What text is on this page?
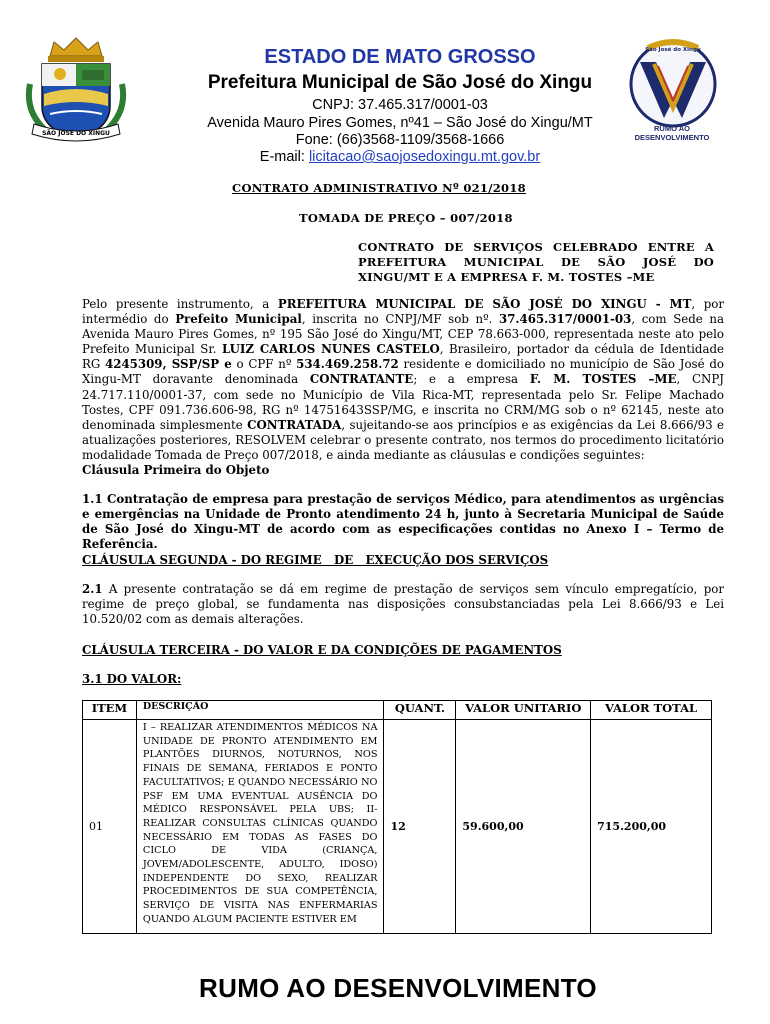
SÃO JOSÉ DO XINGU
ESTADO DE MATO GROSSO
Prefeitura Municipal de São José do Xingu
CNPJ: 37.465.317/0001-03
Avenida Mauro Pires Gomes, nº41 – São José do Xingu/MT
Fone: (66)3568-1109/3568-1666
E-mail: licitacao@saojosedoxingu.mt.gov.br
São José do Xingu
RUMO AO DESENVOLVIMENTO
CONTRATO ADMINISTRATIVO Nº 021/2018
TOMADA DE PREÇO – 007/2018
CONTRATO DE SERVIÇOS CELEBRADO ENTRE A PREFEITURA MUNICIPAL DE SÃO JOSÉ DO XINGU/MT E A EMPRESA F. M. TOSTES –ME
Pelo presente instrumento, a PREFEITURA MUNICIPAL DE SÃO JOSÉ DO XINGU - MT, por intermédio do Prefeito Municipal, inscrita no CNPJ/MF sob nº. 37.465.317/0001-03, com Sede na Avenida Mauro Pires Gomes, nº 195 São José do Xingu/MT, CEP 78.663-000, representada neste ato pelo Prefeito Municipal Sr. LUIZ CARLOS NUNES CASTELO, Brasileiro, portador da cédula de Identidade RG 4245309, SSP/SP e o CPF nº 534.469.258.72 residente e domiciliado no município de São José do Xingu-MT doravante denominada CONTRATANTE; e a empresa F. M. TOSTES –ME, CNPJ 24.717.110/0001-37, com sede no Município de Vila Rica-MT, representada pelo Sr. Felipe Machado Tostes, CPF 091.736.606-98, RG nº 14751643SSP/MG, e inscrita no CRM/MG sob o nº 62145, neste ato denominada simplesmente CONTRATADA, sujeitando-se aos princípios e as exigências da Lei 8.666/93 e atualizações posteriores, RESOLVEM celebrar o presente contrato, nos termos do procedimento licitatório modalidade Tomada de Preço 007/2018, e ainda mediante as cláusulas e condições seguintes:
Cláusula Primeira do Objeto
1.1 Contratação de empresa para prestação de serviços Médico, para atendimentos as urgências e emergências na Unidade de Pronto atendimento 24 h, junto à Secretaria Municipal de Saúde de São José do Xingu-MT de acordo com as especificações contidas no Anexo I – Termo de Referência.
CLÁUSULA SEGUNDA - DO REGIME   DE   EXECUÇÃO DOS SERVIÇOS
2.1 A presente contratação se dá em regime de prestação de serviços sem vínculo empregatício, por regime de preço global, se fundamenta nas disposições consubstanciadas pela Lei 8.666/93 e Lei 10.520/02 com as demais alterações.
CLÁUSULA TERCEIRA - DO VALOR E DA CONDIÇÕES DE PAGAMENTOS
3.1 DO VALOR:
ITEM	DESCRIÇÃO	QUANT.	VALOR UNITARIO	VALOR TOTAL
01	I – REALIZAR ATENDIMENTOS MÉDICOS NA UNIDADE DE PRONTO ATENDIMENTO EM PLANTÕES DIURNOS, NOTURNOS, NOS FINAIS DE SEMANA, FERIADOS E PONTO FACULTATIVOS; E QUANDO NECESSÁRIO NO PSF EM UMA EVENTUAL AUSÊNCIA DO MÉDICO RESPONSÁVEL PELA UBS; II- REALIZAR CONSULTAS CLÍNICAS QUANDO NECESSÁRIO EM TODAS AS FASES DO CICLO DE VIDA (CRIANÇA, JOVEM/ADOLESCENTE, ADULTO, IDOSO) INDEPENDENTE DO SEXO, REALIZAR PROCEDIMENTOS DE SUA COMPETÊNCIA, SERVIÇO DE VISITA NAS ENFERMARIAS QUANDO ALGUM PACIENTE ESTIVER EM	12	59.600,00	715.200,00
RUMO AO DESENVOLVIMENTO
